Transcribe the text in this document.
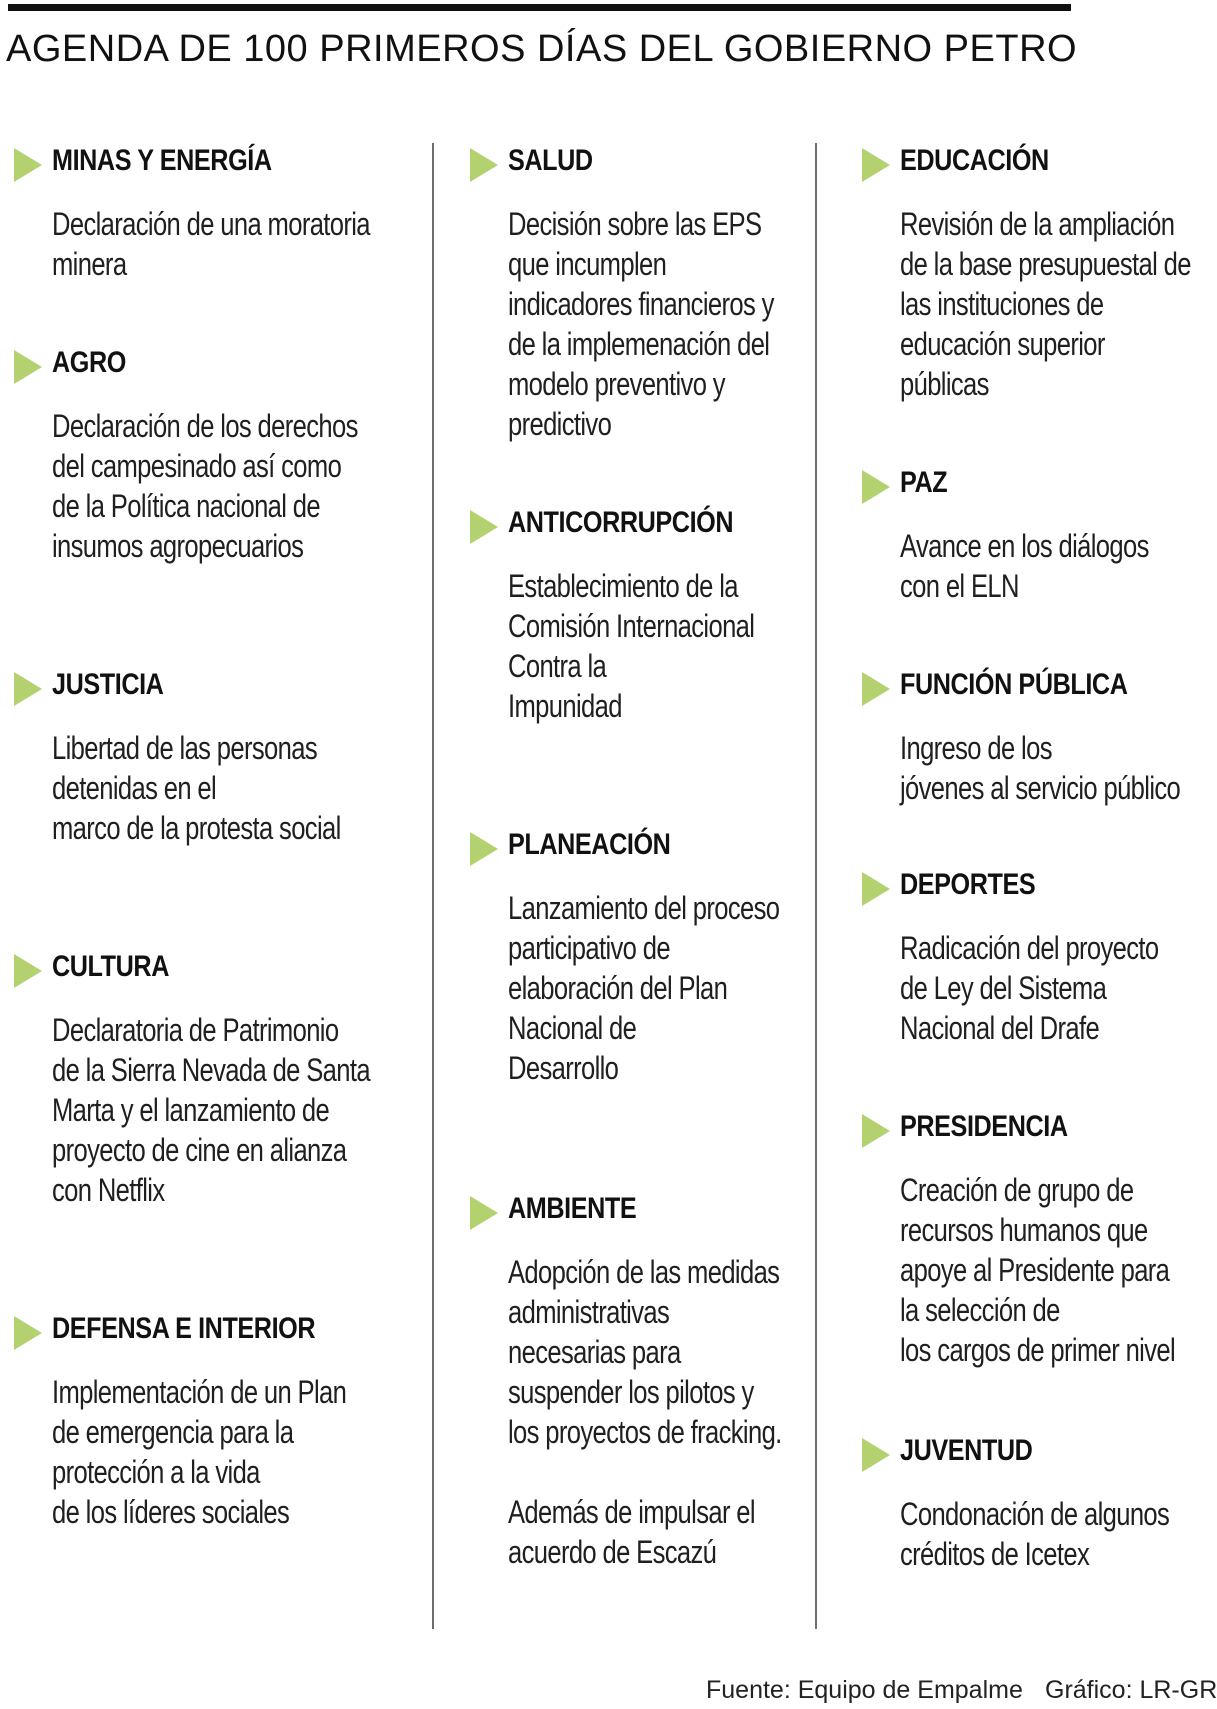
AGENDA DE 100 PRIMEROS DÍAS DEL GOBIERNO PETRO
MINAS Y ENERGÍA

Declaración de una moratoria
minera

AGRO

Declaración de los derechos
del campesinado así como
de la Política nacional de
insumos agropecuarios

JUSTICIA

Libertad de las personas
detenidas en el
marco de la protesta social

CULTURA

Declaratoria de Patrimonio
de la Sierra Nevada de Santa
Marta y el lanzamiento de
proyecto de cine en alianza
con Netflix

DEFENSA E INTERIOR

Implementación de un Plan
de emergencia para la
protección a la vida
de los líderes sociales

SALUD

Decisión sobre las EPS
que incumplen
indicadores financieros y
de la implemenación del
modelo preventivo y
predictivo

ANTICORRUPCIÓN

Establecimiento de la
Comisión Internacional
Contra la
Impunidad

PLANEACIÓN

Lanzamiento del proceso
participativo de
elaboración del Plan
Nacional de
Desarrollo

AMBIENTE

Adopción de las medidas
administrativas
necesarias para
suspender los pilotos y
los proyectos de fracking.

Además de impulsar el
acuerdo de Escazú

EDUCACIÓN

Revisión de la ampliación
de la base presupuestal de
las instituciones de
educación superior
públicas

PAZ

Avance en los diálogos
con el ELN

FUNCIÓN PÚBLICA

Ingreso de los
jóvenes al servicio público

DEPORTES

Radicación del proyecto
de Ley del Sistema
Nacional del Drafe

PRESIDENCIA

Creación de grupo de
recursos humanos que
apoye al Presidente para
la selección de
los cargos de primer nivel

JUVENTUD

Condonación de algunos
créditos de Icetex

Fuente: Equipo de Empalme Gráfico: LR-GR
